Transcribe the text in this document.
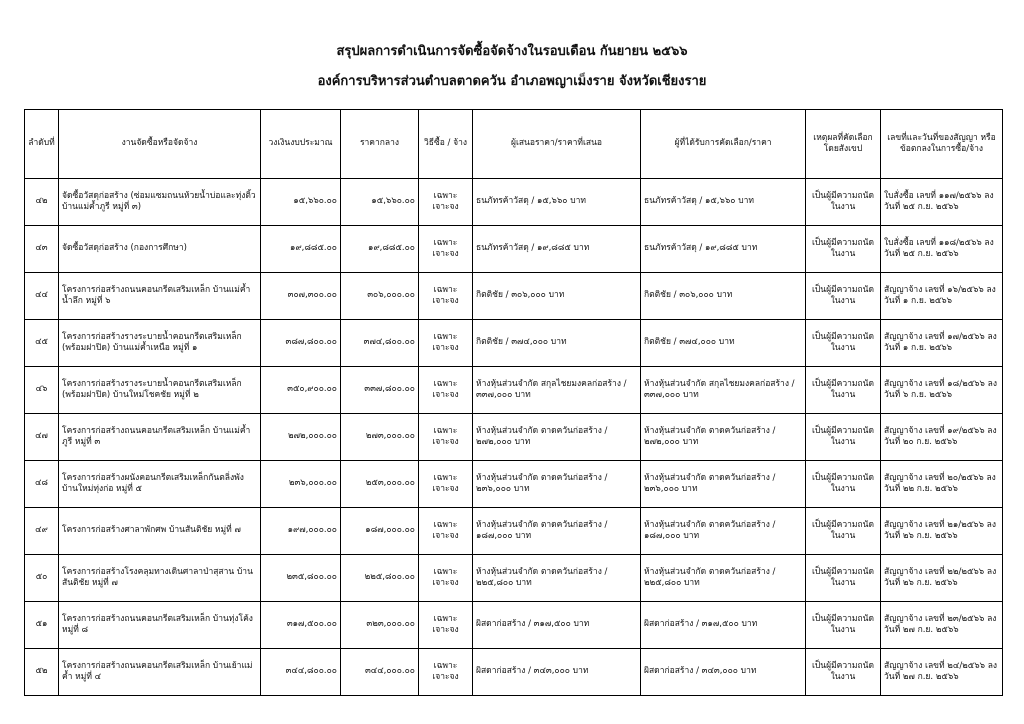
สรุปผลการดำเนินการจัดซื้อจัดจ้างในรอบเดือน กันยายน ๒๕๖๖
องค์การบริหารส่วนตำบลตาดควัน อำเภอพญาเม็งราย จังหวัดเชียงราย
ลำดับที่	งานจัดซื้อหรือจัดจ้าง	วงเงินงบประมาณ	ราคากลาง	วิธีซื้อ / จ้าง	ผู้เสนอราคา/ราคาที่เสนอ	ผู้ที่ได้รับการคัดเลือก/ราคา	เหตุผลที่คัดเลือก โดยสังเขป	เลขที่และวันที่ของสัญญา หรือข้อตกลงในการซื้อ/จ้าง
๔๒	จัดซื้อวัสดุก่อสร้าง (ซ่อมแซมถนนห้วยน้ำบ่อและทุ่งติ้ว บ้านแม่ค้ำภูรี หมู่ที่ ๓)	๑๕,๖๖๐.๐๐	๑๕,๖๖๐.๐๐	เฉพาะเจาะจง	ธนภัทรค้าวัสดุ / ๑๕,๖๖๐ บาท	ธนภัทรค้าวัสดุ / ๑๕,๖๖๐ บาท	เป็นผู้มีความถนัดในงาน	ใบสั่งซื้อ เลขที่ ๑๑๗/๒๕๖๖ ลงวันที่ ๒๕ ก.ย. ๒๕๖๖
๔๓	จัดซื้อวัสดุก่อสร้าง (กองการศึกษา)	๑๙,๘๘๕.๐๐	๑๙,๘๘๕.๐๐	เฉพาะเจาะจง	ธนภัทรค้าวัสดุ / ๑๙,๘๘๕ บาท	ธนภัทรค้าวัสดุ / ๑๙,๘๘๕ บาท	เป็นผู้มีความถนัดในงาน	ใบสั่งซื้อ เลขที่ ๑๑๘/๒๕๖๖ ลงวันที่ ๒๕ ก.ย. ๒๕๖๖
๔๔	โครงการก่อสร้างถนนคอนกรีตเสริมเหล็ก บ้านแม่ค้ำน้ำลึก หมู่ที่ ๖	๓๐๗,๓๐๐.๐๐	๓๐๖,๐๐๐.๐๐	เฉพาะเจาะจง	กิตติชัย / ๓๐๖,๐๐๐ บาท	กิตติชัย / ๓๐๖,๐๐๐ บาท	เป็นผู้มีความถนัดในงาน	สัญญาจ้าง เลขที่ ๑๖/๒๕๖๖ ลงวันที่ ๑ ก.ย. ๒๕๖๖
๔๕	โครงการก่อสร้างรางระบายน้ำคอนกรีตเสริมเหล็ก (พร้อมฝาปิด) บ้านแม่ค้ำเหนือ หมู่ที่ ๑	๓๘๗,๘๐๐.๐๐	๓๗๔,๘๐๐.๐๐	เฉพาะเจาะจง	กิตติชัย / ๓๗๔,๐๐๐ บาท	กิตติชัย / ๓๗๔,๐๐๐ บาท	เป็นผู้มีความถนัดในงาน	สัญญาจ้าง เลขที่ ๑๗/๒๕๖๖ ลงวันที่ ๑ ก.ย. ๒๕๖๖
๔๖	โครงการก่อสร้างรางระบายน้ำคอนกรีตเสริมเหล็ก (พร้อมฝาปิด) บ้านใหม่โชคชัย หมู่ที่ ๒	๓๕๐,๙๐๐.๐๐	๓๓๗,๘๐๐.๐๐	เฉพาะเจาะจง	ห้างหุ้นส่วนจำกัด สกุลไชยมงคลก่อสร้าง / ๓๓๗,๐๐๐ บาท	ห้างหุ้นส่วนจำกัด สกุลไชยมงคลก่อสร้าง / ๓๓๗,๐๐๐ บาท	เป็นผู้มีความถนัดในงาน	สัญญาจ้าง เลขที่ ๑๘/๒๕๖๖ ลงวันที่ ๖ ก.ย. ๒๕๖๖
๔๗	โครงการก่อสร้างถนนคอนกรีตเสริมเหล็ก บ้านแม่ค้ำภูรี หมู่ที่ ๓	๒๗๒,๐๐๐.๐๐	๒๗๓,๐๐๐.๐๐	เฉพาะเจาะจง	ห้างหุ้นส่วนจำกัด ตาดควันก่อสร้าง / ๒๗๒,๐๐๐ บาท	ห้างหุ้นส่วนจำกัด ตาดควันก่อสร้าง / ๒๗๒,๐๐๐ บาท	เป็นผู้มีความถนัดในงาน	สัญญาจ้าง เลขที่ ๑๙/๒๕๖๖ ลงวันที่ ๒๐ ก.ย. ๒๕๖๖
๔๘	โครงการก่อสร้างผนังคอนกรีตเสริมเหล็กกันตลิ่งพัง บ้านใหม่ทุ่งก่อ หมู่ที่ ๕	๒๓๖,๐๐๐.๐๐	๒๕๓,๐๐๐.๐๐	เฉพาะเจาะจง	ห้างหุ้นส่วนจำกัด ตาดควันก่อสร้าง / ๒๓๖,๐๐๐ บาท	ห้างหุ้นส่วนจำกัด ตาดควันก่อสร้าง / ๒๓๖,๐๐๐ บาท	เป็นผู้มีความถนัดในงาน	สัญญาจ้าง เลขที่ ๒๐/๒๕๖๖ ลงวันที่ ๒๒ ก.ย. ๒๕๖๖
๔๙	โครงการก่อสร้างศาลาพักศพ บ้านสันติชัย หมู่ที่ ๗	๑๙๗,๐๐๐.๐๐	๑๘๗,๐๐๐.๐๐	เฉพาะเจาะจง	ห้างหุ้นส่วนจำกัด ตาดควันก่อสร้าง / ๑๘๗,๐๐๐ บาท	ห้างหุ้นส่วนจำกัด ตาดควันก่อสร้าง / ๑๘๗,๐๐๐ บาท	เป็นผู้มีความถนัดในงาน	สัญญาจ้าง เลขที่ ๒๑/๒๕๖๖ ลงวันที่ ๒๖ ก.ย. ๒๕๖๖
๕๐	โครงการก่อสร้างโรงคลุมทางเดินศาลาป่าสุสาน บ้านสันติชัย หมู่ที่ ๗	๒๓๕,๘๐๐.๐๐	๒๒๕,๘๐๐.๐๐	เฉพาะเจาะจง	ห้างหุ้นส่วนจำกัด ตาดควันก่อสร้าง / ๒๒๕,๘๐๐ บาท	ห้างหุ้นส่วนจำกัด ตาดควันก่อสร้าง / ๒๒๕,๘๐๐ บาท	เป็นผู้มีความถนัดในงาน	สัญญาจ้าง เลขที่ ๒๒/๒๕๖๖ ลงวันที่ ๒๖ ก.ย. ๒๕๖๖
๕๑	โครงการก่อสร้างถนนคอนกรีตเสริมเหล็ก บ้านทุ่งโค้ง หมู่ที่ ๘	๓๑๗,๕๐๐.๐๐	๓๒๓,๐๐๐.๐๐	เฉพาะเจาะจง	ผิสดาก่อสร้าง / ๓๑๗,๕๐๐ บาท	ผิสดาก่อสร้าง / ๓๑๗,๕๐๐ บาท	เป็นผู้มีความถนัดในงาน	สัญญาจ้าง เลขที่ ๒๓/๒๕๖๖ ลงวันที่ ๒๗ ก.ย. ๒๕๖๖
๕๒	โครงการก่อสร้างถนนคอนกรีตเสริมเหล็ก บ้านเย้าแม่ค้ำ หมู่ที่ ๔	๓๔๔,๘๐๐.๐๐	๓๔๔,๐๐๐.๐๐	เฉพาะเจาะจง	ผิสดาก่อสร้าง / ๓๔๓,๐๐๐ บาท	ผิสดาก่อสร้าง / ๓๔๓,๐๐๐ บาท	เป็นผู้มีความถนัดในงาน	สัญญาจ้าง เลขที่ ๒๔/๒๕๖๖ ลงวันที่ ๒๗ ก.ย. ๒๕๖๖
